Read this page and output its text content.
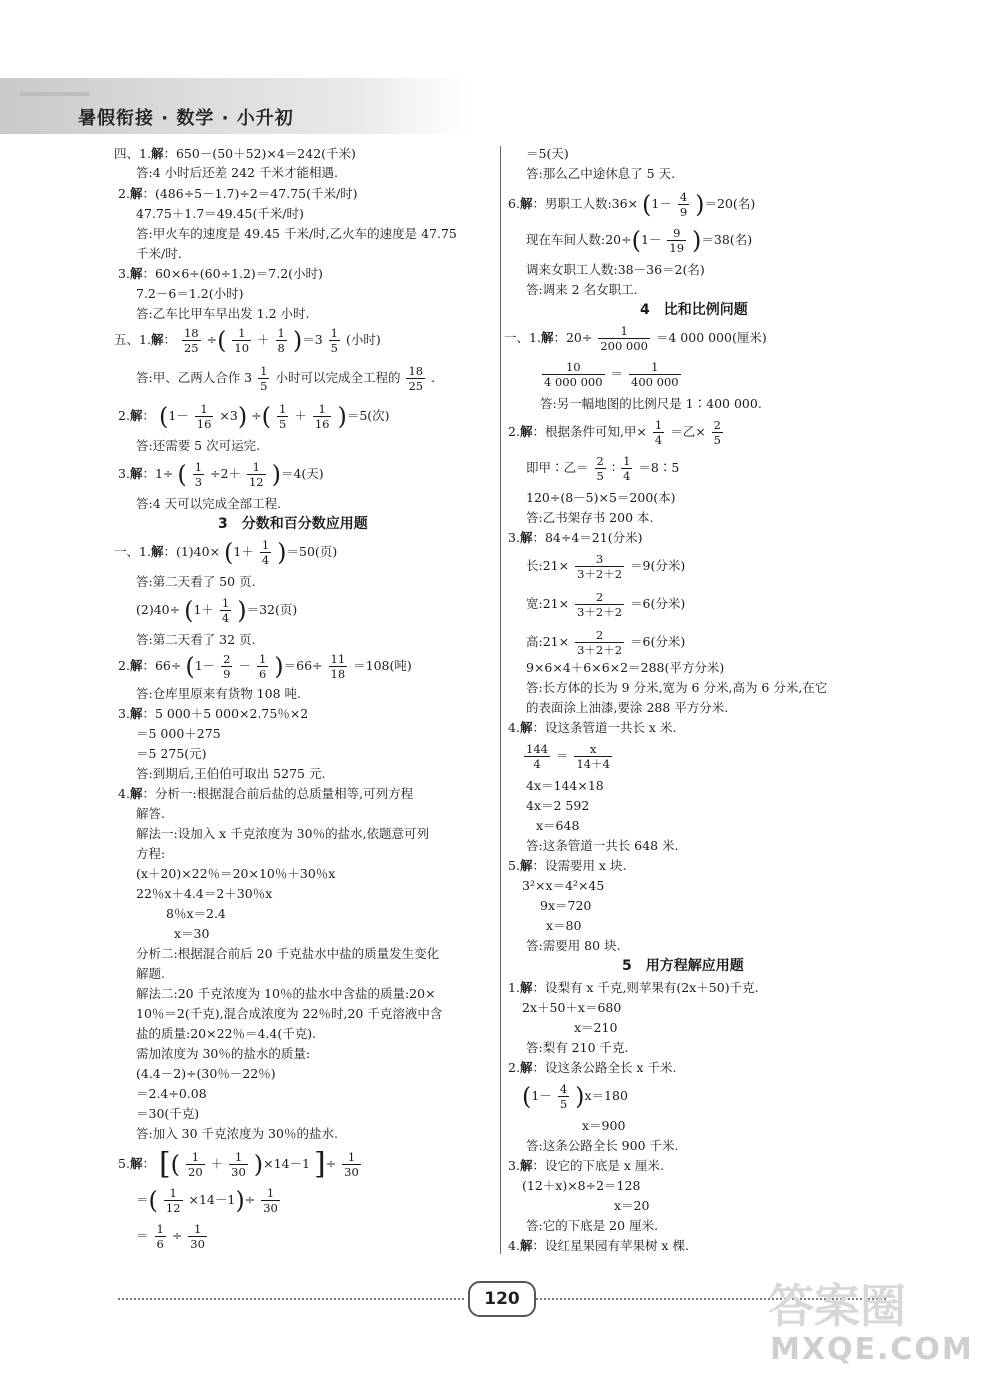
暑假衔接 · 数学 · 小升初
四、1.解：650－(50＋52)×4＝242(千米)
答:4 小时后还差 242 千米才能相遇.
2.解：(486÷5－1.7)÷2＝47.75(千米/时)
47.75＋1.7＝49.45(千米/时)
答:甲火车的速度是 49.45 千米/时,乙火车的速度是 47.75
千米/时.
3.解：60×6÷(60÷1.2)＝7.2(小时)
7.2－6＝1.2(小时)
答:乙车比甲车早出发 1.2 小时.
五、1.解： $\frac{18}{25}$ ÷( $\frac{1}{10} + \frac{1}{8} )=3 \frac{1}{5}$ (小时)
答:甲、乙两人合作 $3 \frac{1}{5}$ 小时可以完成全工程的 $\frac{18}{25}$ .
2.解： $(1- \frac{1}{16} \times 3)$ ÷( $\frac{1}{5} + \frac{1}{16} )=5$(次)
答:还需要 5 次可运完.
3.解：1÷ ( $\frac{1}{3} \div 2+ \frac{1}{12} )=4$(天)
答:4 天可以完成全部工程.
3　分数和百分数应用题
一、1.解：$(1)40\times (1+ \frac{1}{4} )=50$(页)
答:第二天看了 50 页.
$(2)40\div (1+ \frac{1}{4} )=32$(页)
答:第二天看了 32 页.
2.解：$66\div (1- \frac{2}{9} - \frac{1}{6} )=66\div \frac{11}{18} =108$(吨)
答:仓库里原来有货物 108 吨.
3.解：5 000＋5 000×2.75％×2
＝5 000＋275
＝5 275(元)
答:到期后,王伯伯可取出 5275 元.
4.解：分析一:根据混合前后盐的总质量相等,可列方程
解答.
解法一:设加入 x 千克浓度为 30％的盐水,依题意可列
方程:
(x＋20)×22％＝20×10％＋30％x
22％x＋4.4＝2＋30％x
8％x＝2.4
x＝30
分析二:根据混合前后 20 千克盐水中盐的质量发生变化
解题.
解法二:20 千克浓度为 10％的盐水中含盐的质量:20×
10％＝2(千克),混合成浓度为 22％时,20 千克溶液中含
盐的质量:20×22％＝4.4(千克).
需加浓度为 30％的盐水的质量:
(4.4－2)÷(30％－22％)
＝2.4÷0.08
＝30(千克)
答:加入 30 千克浓度为 30％的盐水.
5.解： [( $\frac{1}{20} + \frac{1}{30} )\times 14-1$ ]÷ $\frac{1}{30}$
＝( $\frac{1}{12} \times 14-1)\div \frac{1}{30}$
＝ $\frac{1}{6} \div \frac{1}{30}$
＝5(天)
答:那么乙中途休息了 5 天.
6.解：男职工人数:36× $(1- \frac{4}{9} )=20$(名)
现在车间人数:20÷(1－ $\frac{9}{19} )=38$(名)
调来女职工人数:38－36＝2(名)
答:调来 2 名女职工.
4　比和比例问题
一、1.解：$20\div \frac{1}{200 000} =4$ 000 000(厘米)
$\frac{10}{4 000 000} = \frac{1}{400 000}$
答:另一幅地图的比例尺是 1∶400 000.
2.解：根据条件可知,甲× $\frac{1}{4}$ ＝乙× $\frac{2}{5}$
即甲∶乙＝ $\frac{2}{5}$ ∶ $\frac{1}{4}$ ＝8∶5
120÷(8－5)×5＝200(本)
答:乙书架存书 200 本.
3.解：84÷4＝21(分米)
长:21× $\frac{3}{3+2+2} =9$(分米)
宽:21× $\frac{2}{3+2+2} =6$(分米)
高:21× $\frac{2}{3+2+2} =6$(分米)
9×6×4＋6×6×2＝288(平方分米)
答:长方体的长为 9 分米,宽为 6 分米,高为 6 分米,在它
的表面涂上油漆,要涂 288 平方分米.
4.解：设这条管道一共长 x 米.
$\frac{144}{4} = \frac{x}{14+4}$
4x＝144×18
4x＝2 592
x＝648
答:这条管道一共长 648 米.
5.解：设需要用 x 块.
3²×x＝4²×45
9x＝720
x＝80
答:需要用 80 块.
5　用方程解应用题
1.解：设梨有 x 千克,则苹果有(2x＋50)千克.
2x＋50＋x＝680
x＝210
答:梨有 210 千克.
2.解：设这条公路全长 x 千米.
$(1- \frac{4}{5} )x=180$
x＝900
答:这条公路全长 900 千米.
3.解：设它的下底是 x 厘米.
(12＋x)×8÷2＝128
x＝20
答:它的下底是 20 厘米.
4.解：设红星果园有苹果树 x 棵.
120	答案圈
MXQE.COM
